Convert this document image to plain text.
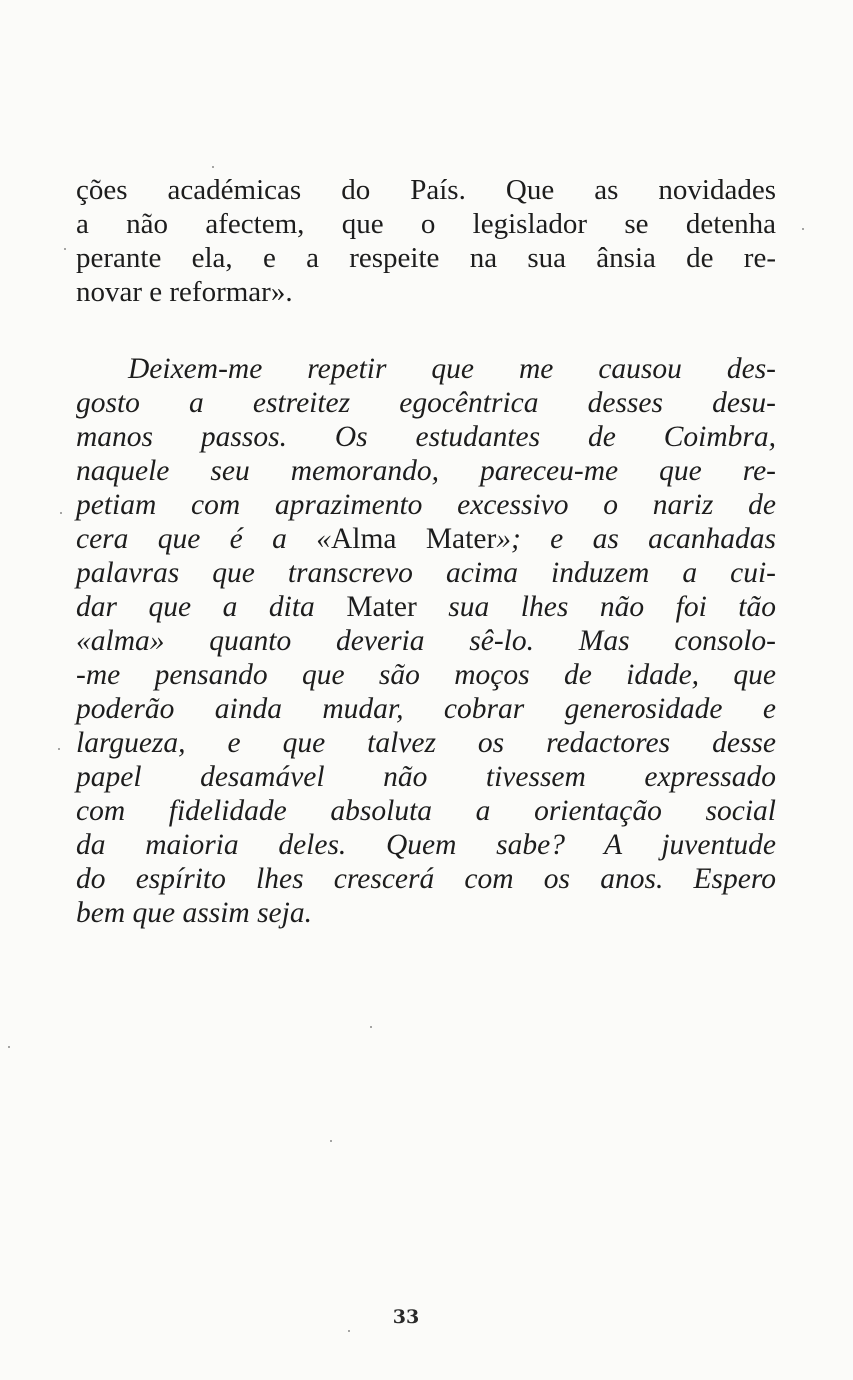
ções académicas do País. Que as novidades
a não afectem, que o legislador se detenha
perante ela, e a respeite na sua ânsia de re-
novar e reformar».
Deixem-me repetir que me causou des-
gosto a estreitez egocêntrica desses desu-
manos passos. Os estudantes de Coimbra,
naquele seu memorando, pareceu-me que re-
petiam com aprazimento excessivo o nariz de
cera que é a «Alma Mater»; e as acanhadas
palavras que transcrevo acima induzem a cui-
dar que a dita Mater sua lhes não foi tão
«alma» quanto deveria sê-lo. Mas consolo-
-me pensando que são moços de idade, que
poderão ainda mudar, cobrar generosidade e
largueza, e que talvez os redactores desse
papel desamável não tivessem expressado
com fidelidade absoluta a orientação social
da maioria deles. Quem sabe? A juventude
do espírito lhes crescerá com os anos. Espero
bem que assim seja.
33
